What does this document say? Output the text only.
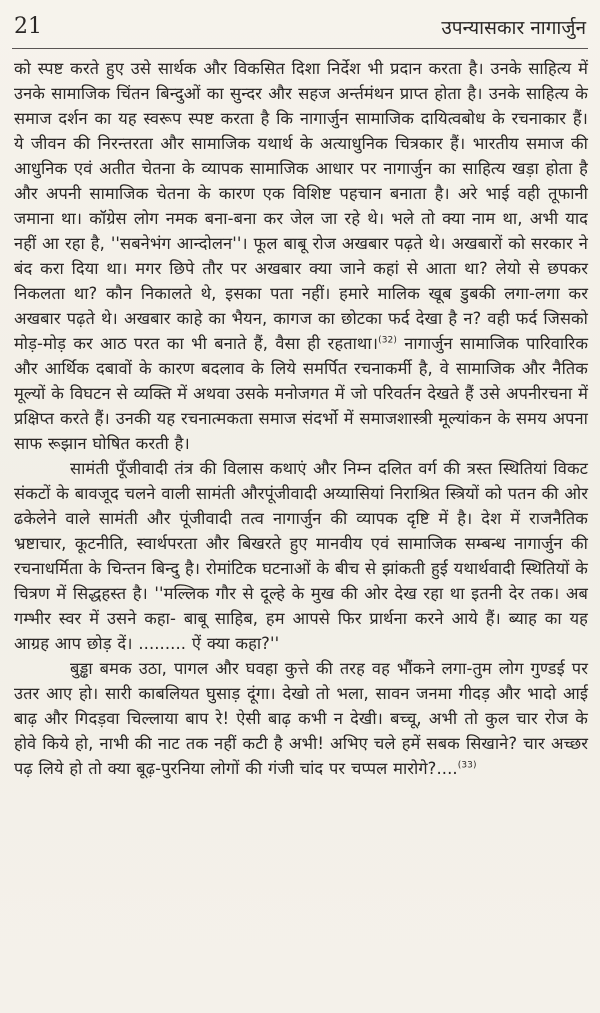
21	उपन्यासकार नागार्जुन

को स्पष्ट करते हुए उसे सार्थक और विकसित दिशा निर्देश भी प्रदान करता है। उनके साहित्य में उनके सामाजिक चिंतन बिन्दुओं का सुन्दर और सहज अर्न्तमंथन प्राप्त होता है। उनके साहित्य के समाज दर्शन का यह स्वरूप स्पष्ट करता है कि नागार्जुन सामाजिक दायित्वबोध के रचनाकार हैं। ये जीवन की निरन्तरता और सामाजिक यथार्थ के अत्याधुनिक चित्रकार हैं। भारतीय समाज की आधुनिक एवं अतीत चेतना के व्यापक सामाजिक आधार पर नागार्जुन का साहित्य खड़ा होता है और अपनी सामाजिक चेतना के कारण एक विशिष्ट पहचान बनाता है। अरे भाई वही तूफानी जमाना था। कॉग्रेस लोग नमक बना-बना कर जेल जा रहे थे। भले तो क्या नाम था, अभी याद नहीं आ रहा है, ''सबनेभंग आन्दोलन''। फूल बाबू रोज अखबार पढ़ते थे। अखबारों को सरकार ने बंद करा दिया था। मगर छिपे तौर पर अखबार क्या जाने कहां से आता था? लेयो से छपकर निकलता था? कौन निकालते थे, इसका पता नहीं। हमारे मालिक खूब डुबकी लगा-लगा कर अखबार पढ़ते थे। अखबार काहे का भैयन, कागज का छोटका फर्द देखा है न? वही फर्द जिसको मोड़-मोड़ कर आठ परत का भी बनाते हैं, वैसा ही रहताथा।$^{(32)}$ नागार्जुन सामाजिक पारिवारिक और आर्थिक दबावों के कारण बदलाव के लिये समर्पित रचनाकर्मी है, वे सामाजिक और नैतिक मूल्यों के विघटन से व्यक्ति में अथवा उसके मनोजगत में जो परिवर्तन देखते हैं उसे अपनीरचना में प्रक्षिप्त करते हैं। उनकी यह रचनात्मकता समाज संदर्भो में समाजशास्त्री मूल्यांकन के समय अपना साफ रूझान घोषित करती है।

सामंती पूँजीवादी तंत्र की विलास कथाएं और निम्न दलित वर्ग की त्रस्त स्थितियां विकट संकटों के बावजूद चलने वाली सामंती औरपूंजीवादी अय्यासियां निराश्रित स्त्रियों को पतन की ओर ढकेलेने वाले सामंती और पूंजीवादी तत्व नागार्जुन की व्यापक दृष्टि में है। देश में राजनैतिक भ्रष्टाचार, कूटनीति, स्वार्थपरता और बिखरते हुए मानवीय एवं सामाजिक सम्बन्ध नागार्जुन की रचनाधर्मिता के चिन्तन बिन्दु है। रोमांटिक घटनाओं के बीच से झांकती हुई यथार्थवादी स्थितियों के चित्रण में सिद्धहस्त है। ''मल्लिक गौर से दूल्हे के मुख की ओर देख रहा था इतनी देर तक। अब गम्भीर स्वर में उसने कहा- बाबू साहिब, हम आपसे फिर प्रार्थना करने आये हैं। ब्याह का यह आग्रह आप छोड़ दें। ......... ऐं क्या कहा?''

बुड्ढा बमक उठा, पागल और घवहा कुत्ते की तरह वह भौंकने लगा-तुम लोग गुण्डई पर उतर आए हो। सारी काबलियत घुसाड़ दूंगा। देखो तो भला, सावन जनमा गीदड़ और भादो आई बाढ़ और गिदड़वा चिल्लाया बाप रे! ऐसी बाढ़ कभी न देखी। बच्चू, अभी तो कुल चार रोज के होवे किये हो, नाभी की नाट तक नहीं कटी है अभी! अभिए चले हमें सबक सिखाने? चार अच्छर पढ़ लिये हो तो क्या बूढ़-पुरनिया लोगों की गंजी चांद पर चप्पल मारोगे?....$^{(33)}$
